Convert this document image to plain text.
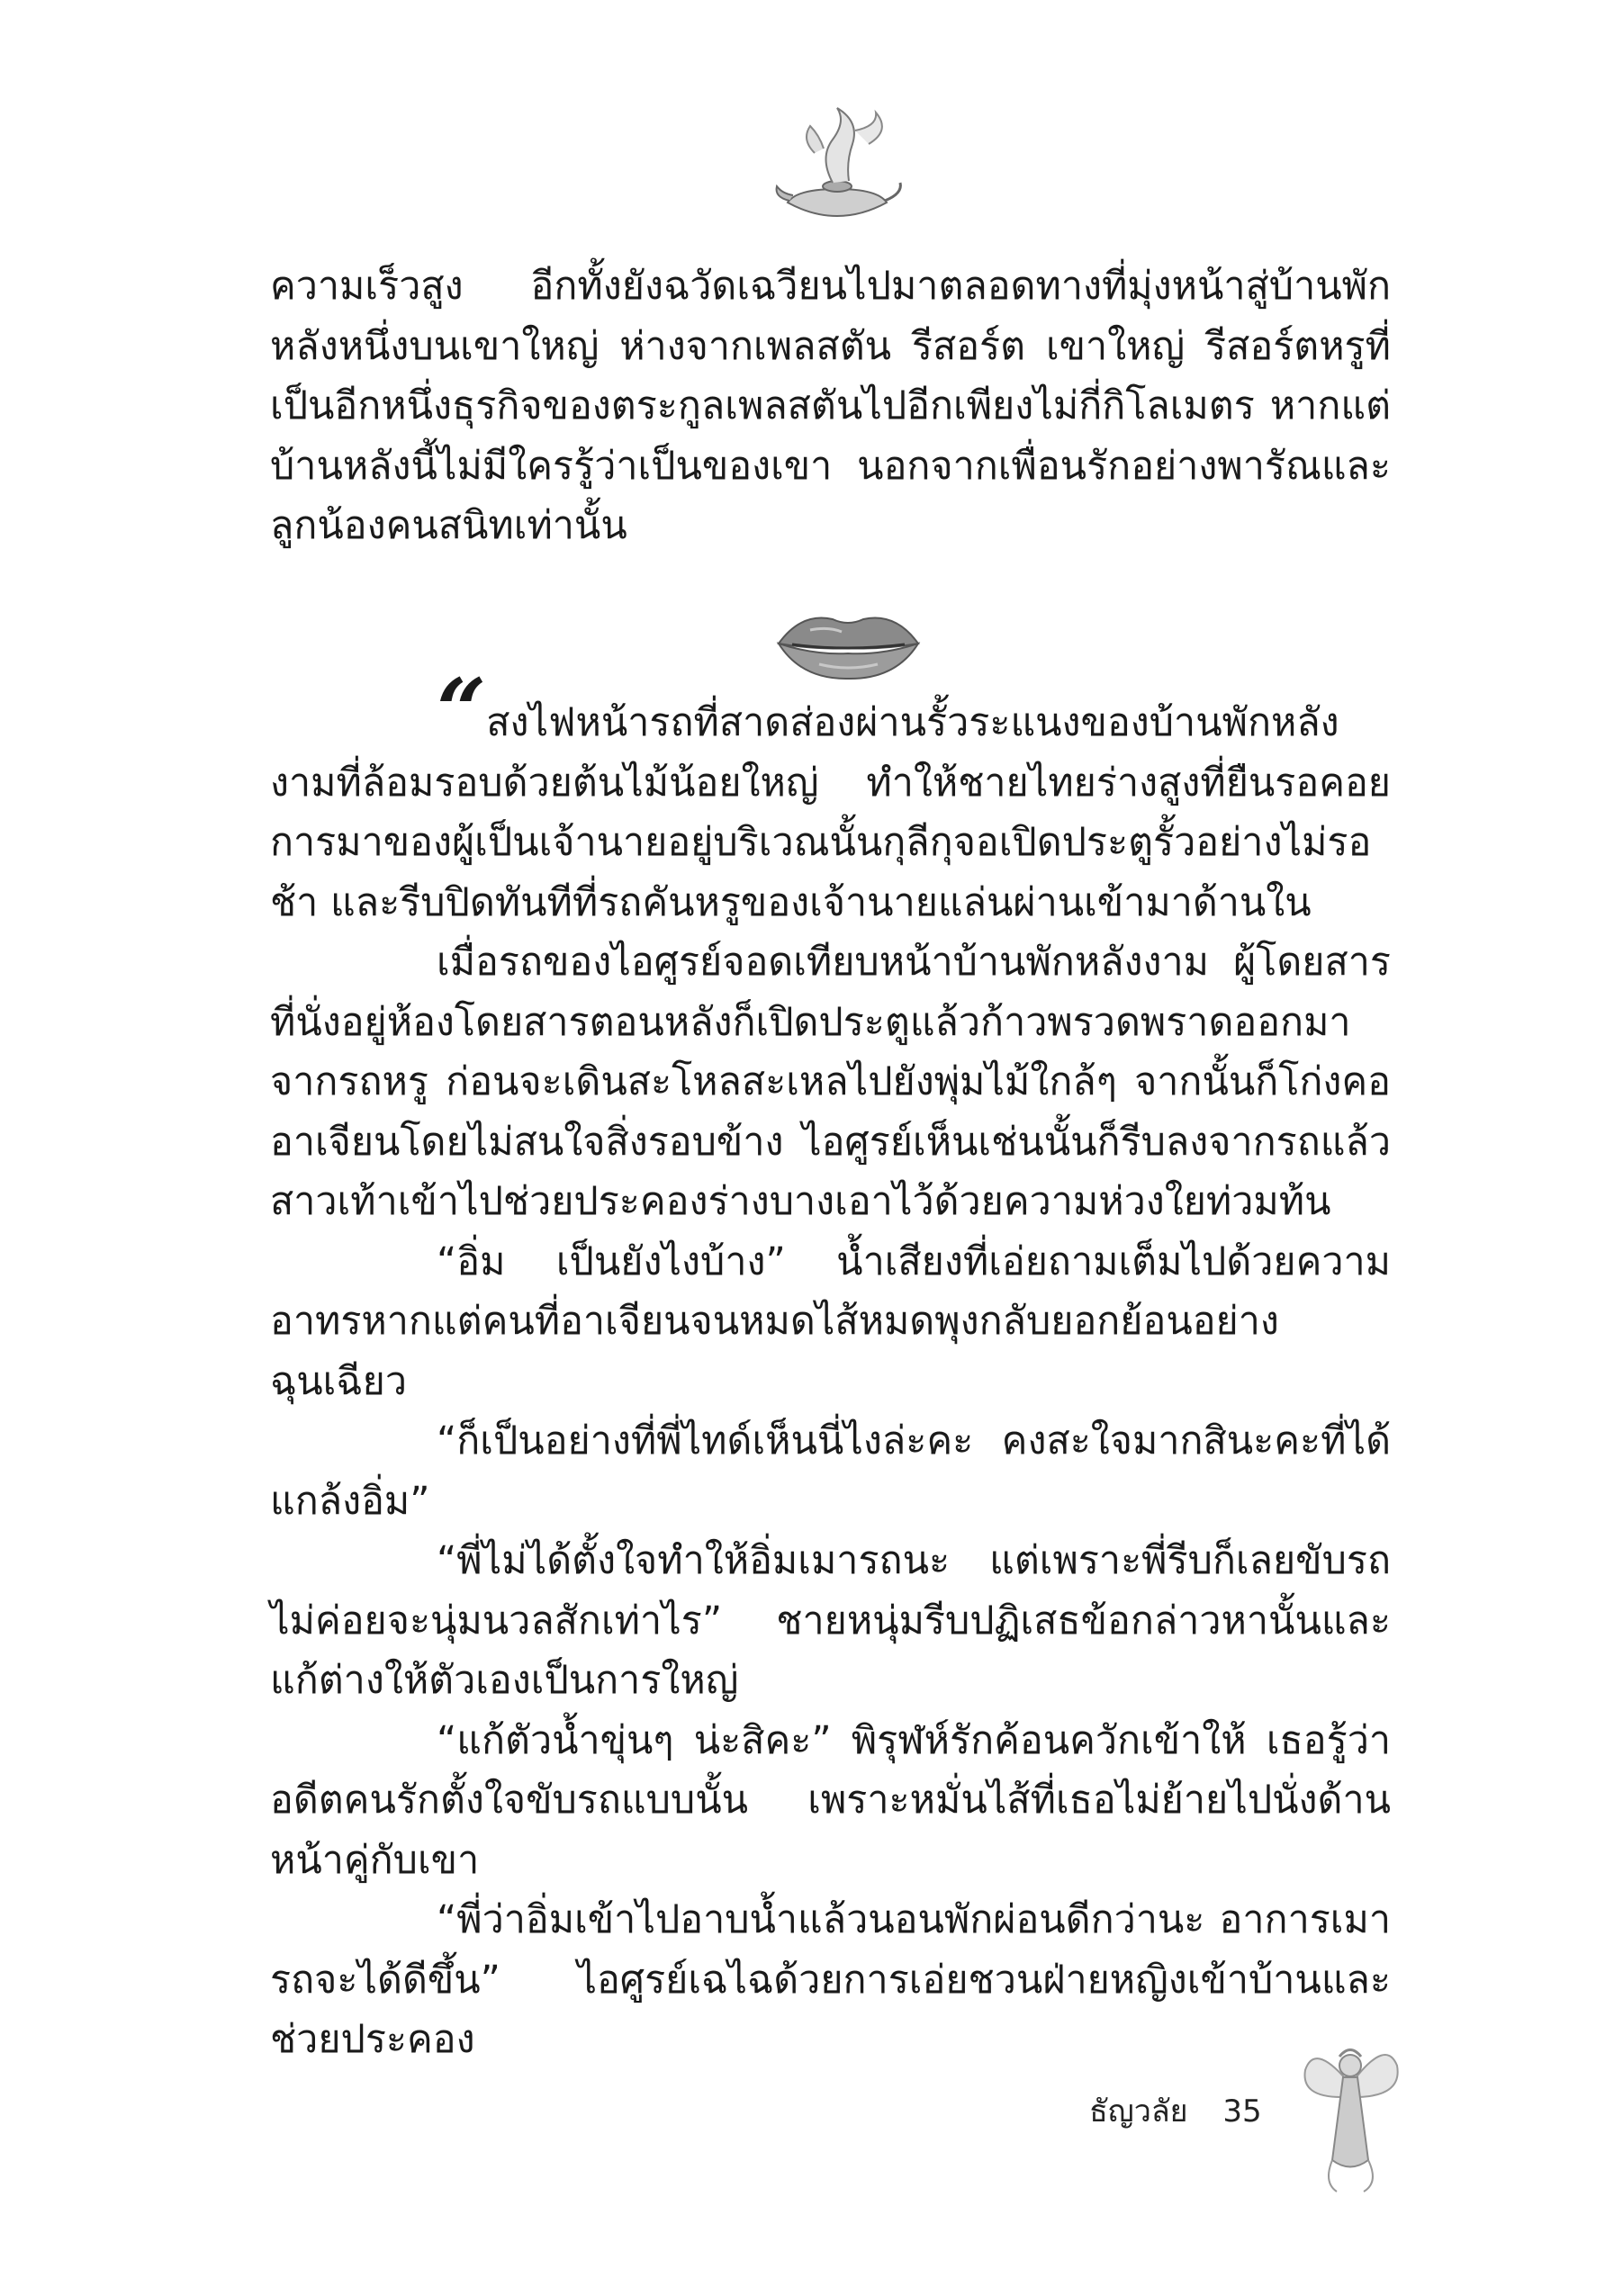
ความเร็วสูง อีกทั้งยังฉวัดเฉวียนไปมาตลอดทางที่มุ่งหน้าสู่บ้านพักหลังหนึ่งบนเขาใหญ่ ห่างจากเพลสตัน รีสอร์ต เขาใหญ่ รีสอร์ตหรูที่เป็นอีกหนึ่งธุรกิจของตระกูลเพลสตันไปอีกเพียงไม่กี่กิโลเมตร หากแต่บ้านหลังนี้ไม่มีใครรู้ว่าเป็นของเขา นอกจากเพื่อนรักอย่างพารัณและลูกน้องคนสนิทเท่านั้น

“ สงไฟหน้ารถที่สาดส่องผ่านรั้วระแนงของบ้านพักหลังงามที่ล้อมรอบด้วยต้นไม้น้อยใหญ่ ทำให้ชายไทยร่างสูงที่ยืนรอคอยการมาของผู้เป็นเจ้านายอยู่บริเวณนั้นกุลีกุจอเปิดประตูรั้วอย่างไม่รอช้า และรีบปิดทันทีที่รถคันหรูของเจ้านายแล่นผ่านเข้ามาด้านใน

เมื่อรถของไอศูรย์จอดเทียบหน้าบ้านพักหลังงาม ผู้โดยสารที่นั่งอยู่ห้องโดยสารตอนหลังก็เปิดประตูแล้วก้าวพรวดพราดออกมาจากรถหรู ก่อนจะเดินสะโหลสะเหลไปยังพุ่มไม้ใกล้ๆ จากนั้นก็โก่งคออาเจียนโดยไม่สนใจสิ่งรอบข้าง ไอศูรย์เห็นเช่นนั้นก็รีบลงจากรถแล้วสาวเท้าเข้าไปช่วยประคองร่างบางเอาไว้ด้วยความห่วงใยท่วมท้น

“อิ่ม เป็นยังไงบ้าง” น้ำเสียงที่เอ่ยถามเต็มไปด้วยความอาทรหากแต่คนที่อาเจียนจนหมดไส้หมดพุงกลับยอกย้อนอย่างฉุนเฉียว

“ก็เป็นอย่างที่พี่ไทด์เห็นนี่ไงล่ะคะ คงสะใจมากสินะคะที่ได้แกล้งอิ่ม”

“พี่ไม่ได้ตั้งใจทำให้อิ่มเมารถนะ แต่เพราะพี่รีบก็เลยขับรถไม่ค่อยจะนุ่มนวลสักเท่าไร” ชายหนุ่มรีบปฏิเสธข้อกล่าวหานั้นและแก้ต่างให้ตัวเองเป็นการใหญ่

“แก้ตัวน้ำขุ่นๆ น่ะสิคะ” พิรุฬห์รักค้อนควักเข้าให้ เธอรู้ว่าอดีตคนรักตั้งใจขับรถแบบนั้น เพราะหมั่นไส้ที่เธอไม่ย้ายไปนั่งด้านหน้าคู่กับเขา

“พี่ว่าอิ่มเข้าไปอาบน้ำแล้วนอนพักผ่อนดีกว่านะ อาการเมารถจะได้ดีขึ้น” ไอศูรย์เฉไฉด้วยการเอ่ยชวนฝ่ายหญิงเข้าบ้านและช่วยประคอง

ธัญวลัย 35
